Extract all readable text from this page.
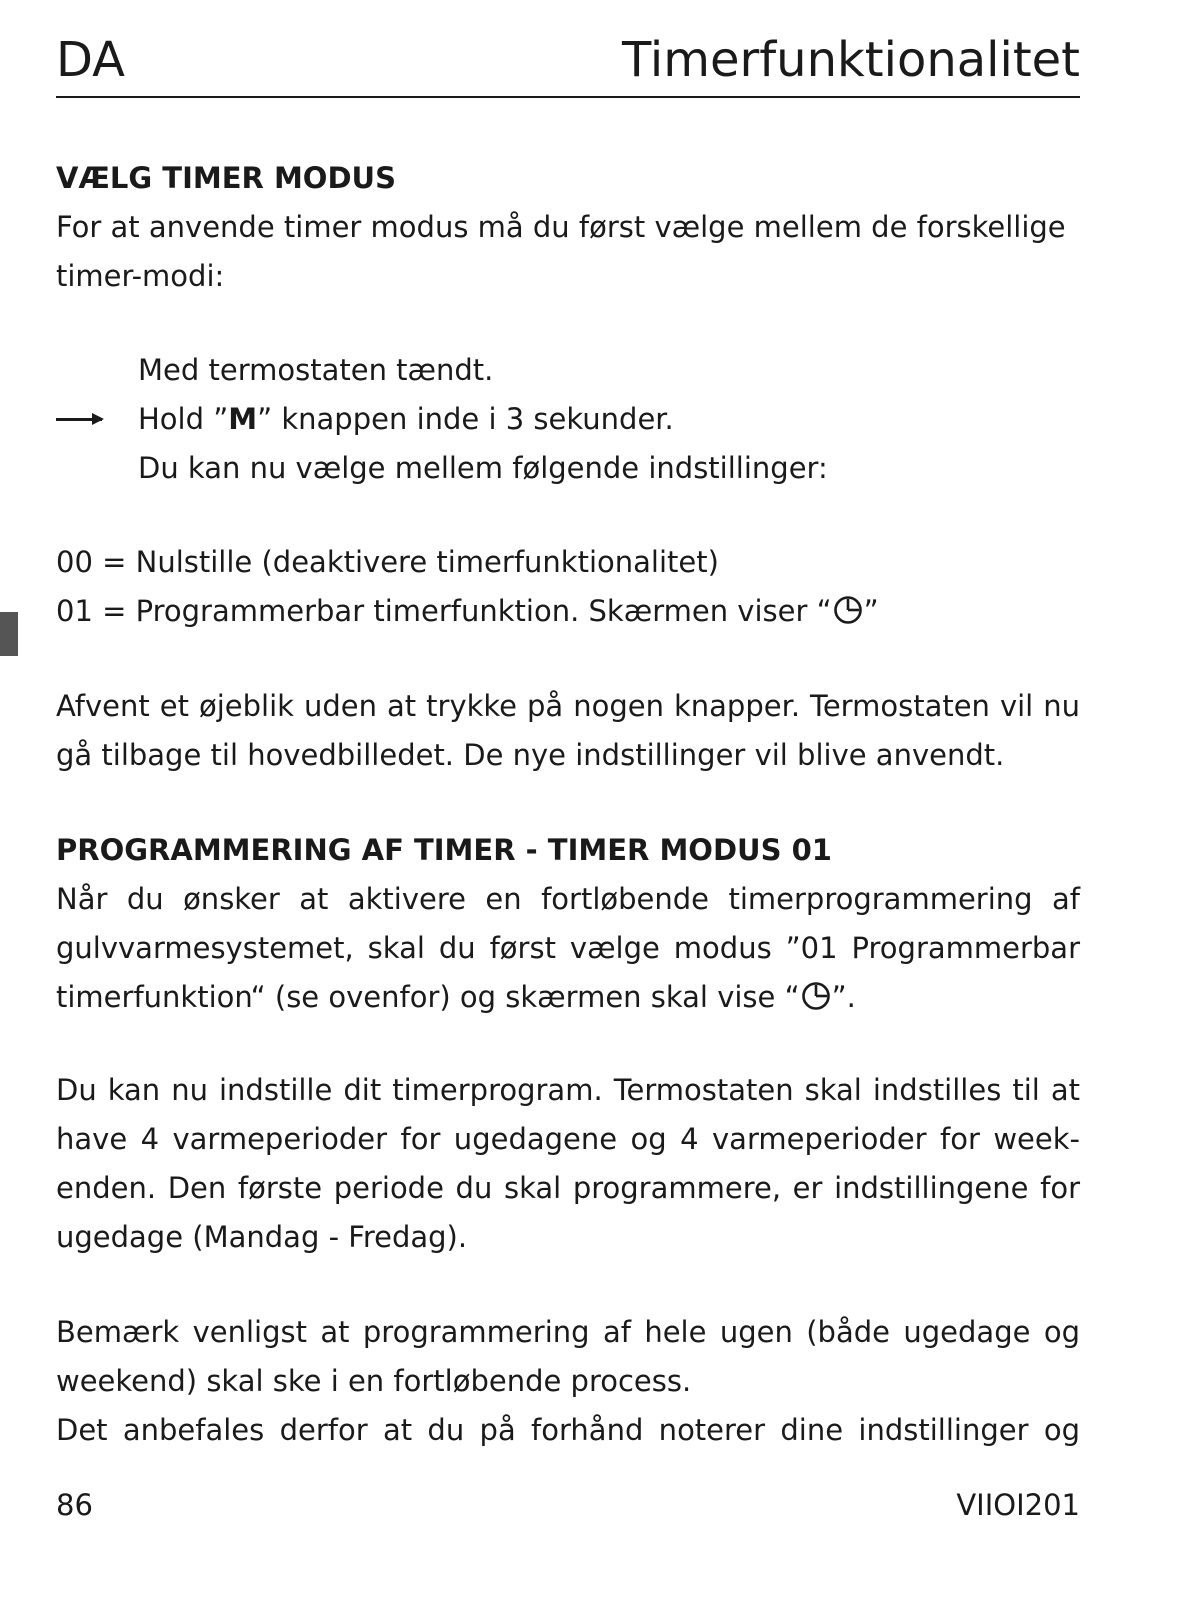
DA	Timerfunktionalitet

VÆLG TIMER MODUS

For at anvende timer modus må du først vælge mellem de forskellige timer-modi:

Med termostaten tændt.
Hold ”M” knappen inde i 3 sekunder.
Du kan nu vælge mellem følgende indstillinger:

00 = Nulstille (deaktivere timerfunktionalitet)

01 = Programmerbar timerfunktion. Skærmen viser “ ”

Afvent et øjeblik uden at trykke på nogen knapper. Termostaten vil nu gå tilbage til hovedbilledet. De nye indstillinger vil blive anvendt.

PROGRAMMERING AF TIMER - TIMER MODUS 01

Når du ønsker at aktivere en fortløbende timerprogrammering af gulvvarmesystemet, skal du først vælge modus ”01 Programmerbar timerfunktion“ (se ovenfor) og skærmen skal vise “ ”.

Du kan nu indstille dit timerprogram. Termostaten skal indstilles til at have 4 varmeperioder for ugedagene og 4 varmeperioder for week-enden. Den første periode du skal programmere, er indstillingene for ugedage (Mandag - Fredag).

Bemærk venligst at programmering af hele ugen (både ugedage og weekend) skal ske i en fortløbende process.

Det anbefales derfor at du på forhånd noterer dine indstillinger og

86	VIIOI201
